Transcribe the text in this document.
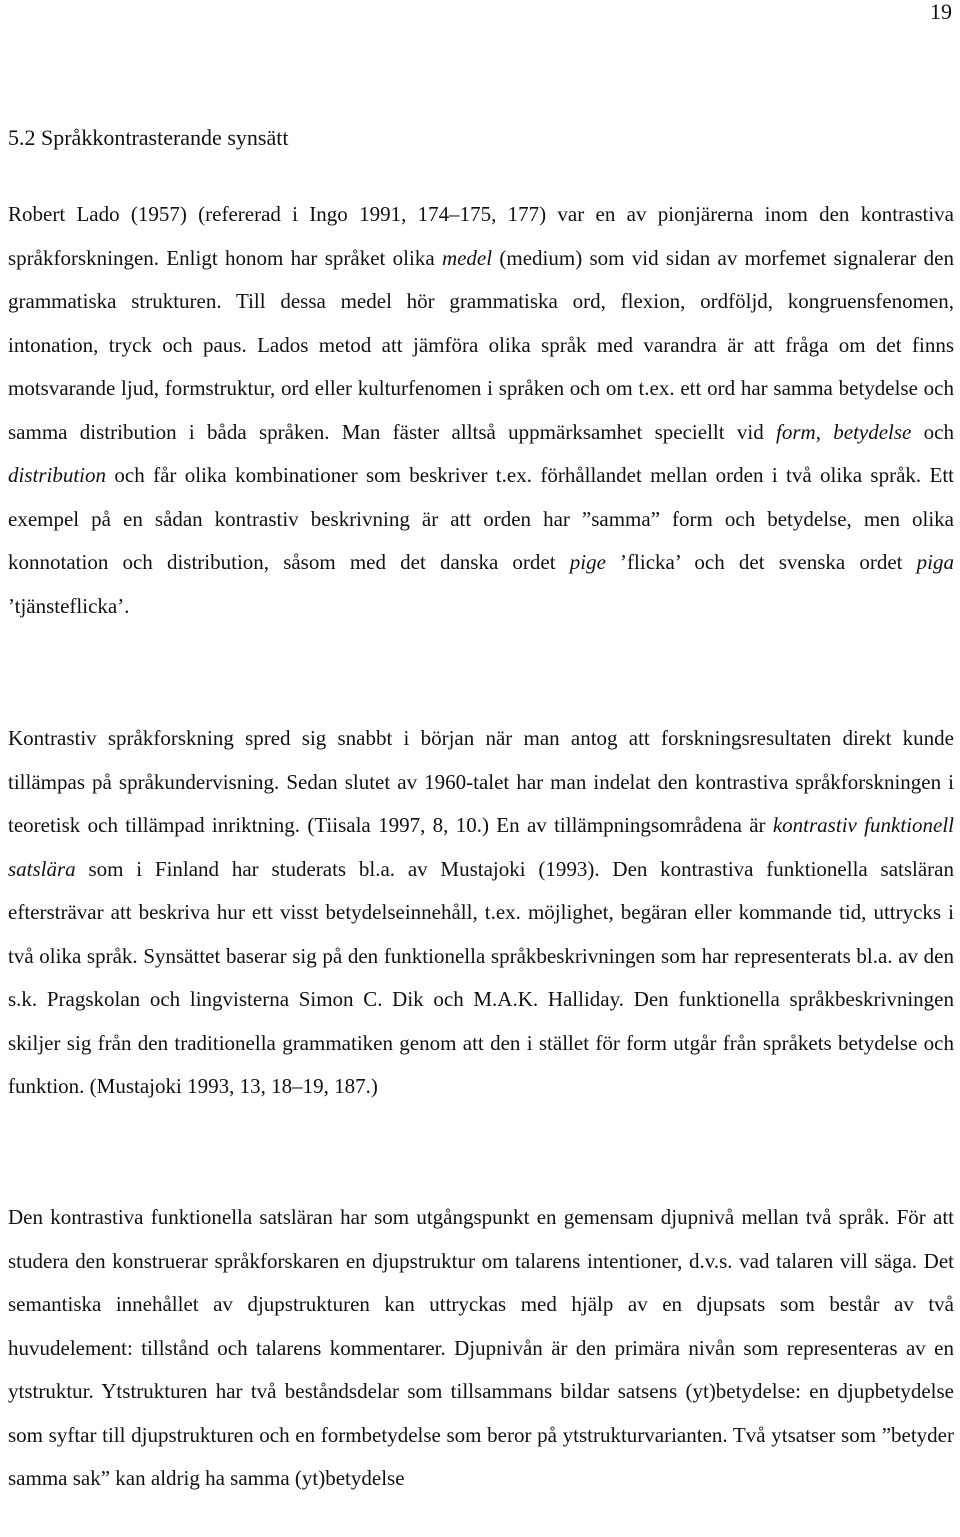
19
5.2 Språkkontrasterande synsätt

Robert Lado (1957) (refererad i Ingo 1991, 174–175, 177) var en av pionjärerna inom den kontrastiva språkforskningen. Enligt honom har språket olika medel (medium) som vid sidan av morfemet signalerar den grammatiska strukturen. Till dessa medel hör grammatiska ord, flexion, ordföljd, kongruensfenomen, intonation, tryck och paus. Lados metod att jämföra olika språk med varandra är att fråga om det finns motsvarande ljud, formstruktur, ord eller kulturfenomen i språken och om t.ex. ett ord har samma betydelse och samma distribution i båda språken. Man fäster alltså uppmärksamhet speciellt vid form, betydelse och distribution och får olika kombinationer som beskriver t.ex. förhållandet mellan orden i två olika språk. Ett exempel på en sådan kontrastiv beskrivning är att orden har ”samma” form och betydelse, men olika konnotation och distribution, såsom med det danska ordet pige ’flicka’ och det svenska ordet piga ’tjänsteflicka’.

Kontrastiv språkforskning spred sig snabbt i början när man antog att forskningsresultaten direkt kunde tillämpas på språkundervisning. Sedan slutet av 1960-talet har man indelat den kontrastiva språkforskningen i teoretisk och tillämpad inriktning. (Tiisala 1997, 8, 10.) En av tillämpningsområdena är kontrastiv funktionell satslära som i Finland har studerats bl.a. av Mustajoki (1993). Den kontrastiva funktionella satsläran eftersträvar att beskriva hur ett visst betydelseinnehåll, t.ex. möjlighet, begäran eller kommande tid, uttrycks i två olika språk. Synsättet baserar sig på den funktionella språkbeskrivningen som har representerats bl.a. av den s.k. Pragskolan och lingvisterna Simon C. Dik och M.A.K. Halliday. Den funktionella språkbeskrivningen skiljer sig från den traditionella grammatiken genom att den i stället för form utgår från språkets betydelse och funktion. (Mustajoki 1993, 13, 18–19, 187.)

Den kontrastiva funktionella satsläran har som utgångspunkt en gemensam djupnivå mellan två språk. För att studera den konstruerar språkforskaren en djupstruktur om talarens intentioner, d.v.s. vad talaren vill säga. Det semantiska innehållet av djupstrukturen kan uttryckas med hjälp av en djupsats som består av två huvudelement: tillstånd och talarens kommentarer. Djupnivån är den primära nivån som representeras av en ytstruktur. Ytstrukturen har två beståndsdelar som tillsammans bildar satsens (yt)betydelse: en djupbetydelse som syftar till djupstrukturen och en formbetydelse som beror på ytstrukturvarianten. Två ytsatser som ”betyder samma sak” kan aldrig ha samma (yt)betydelse
